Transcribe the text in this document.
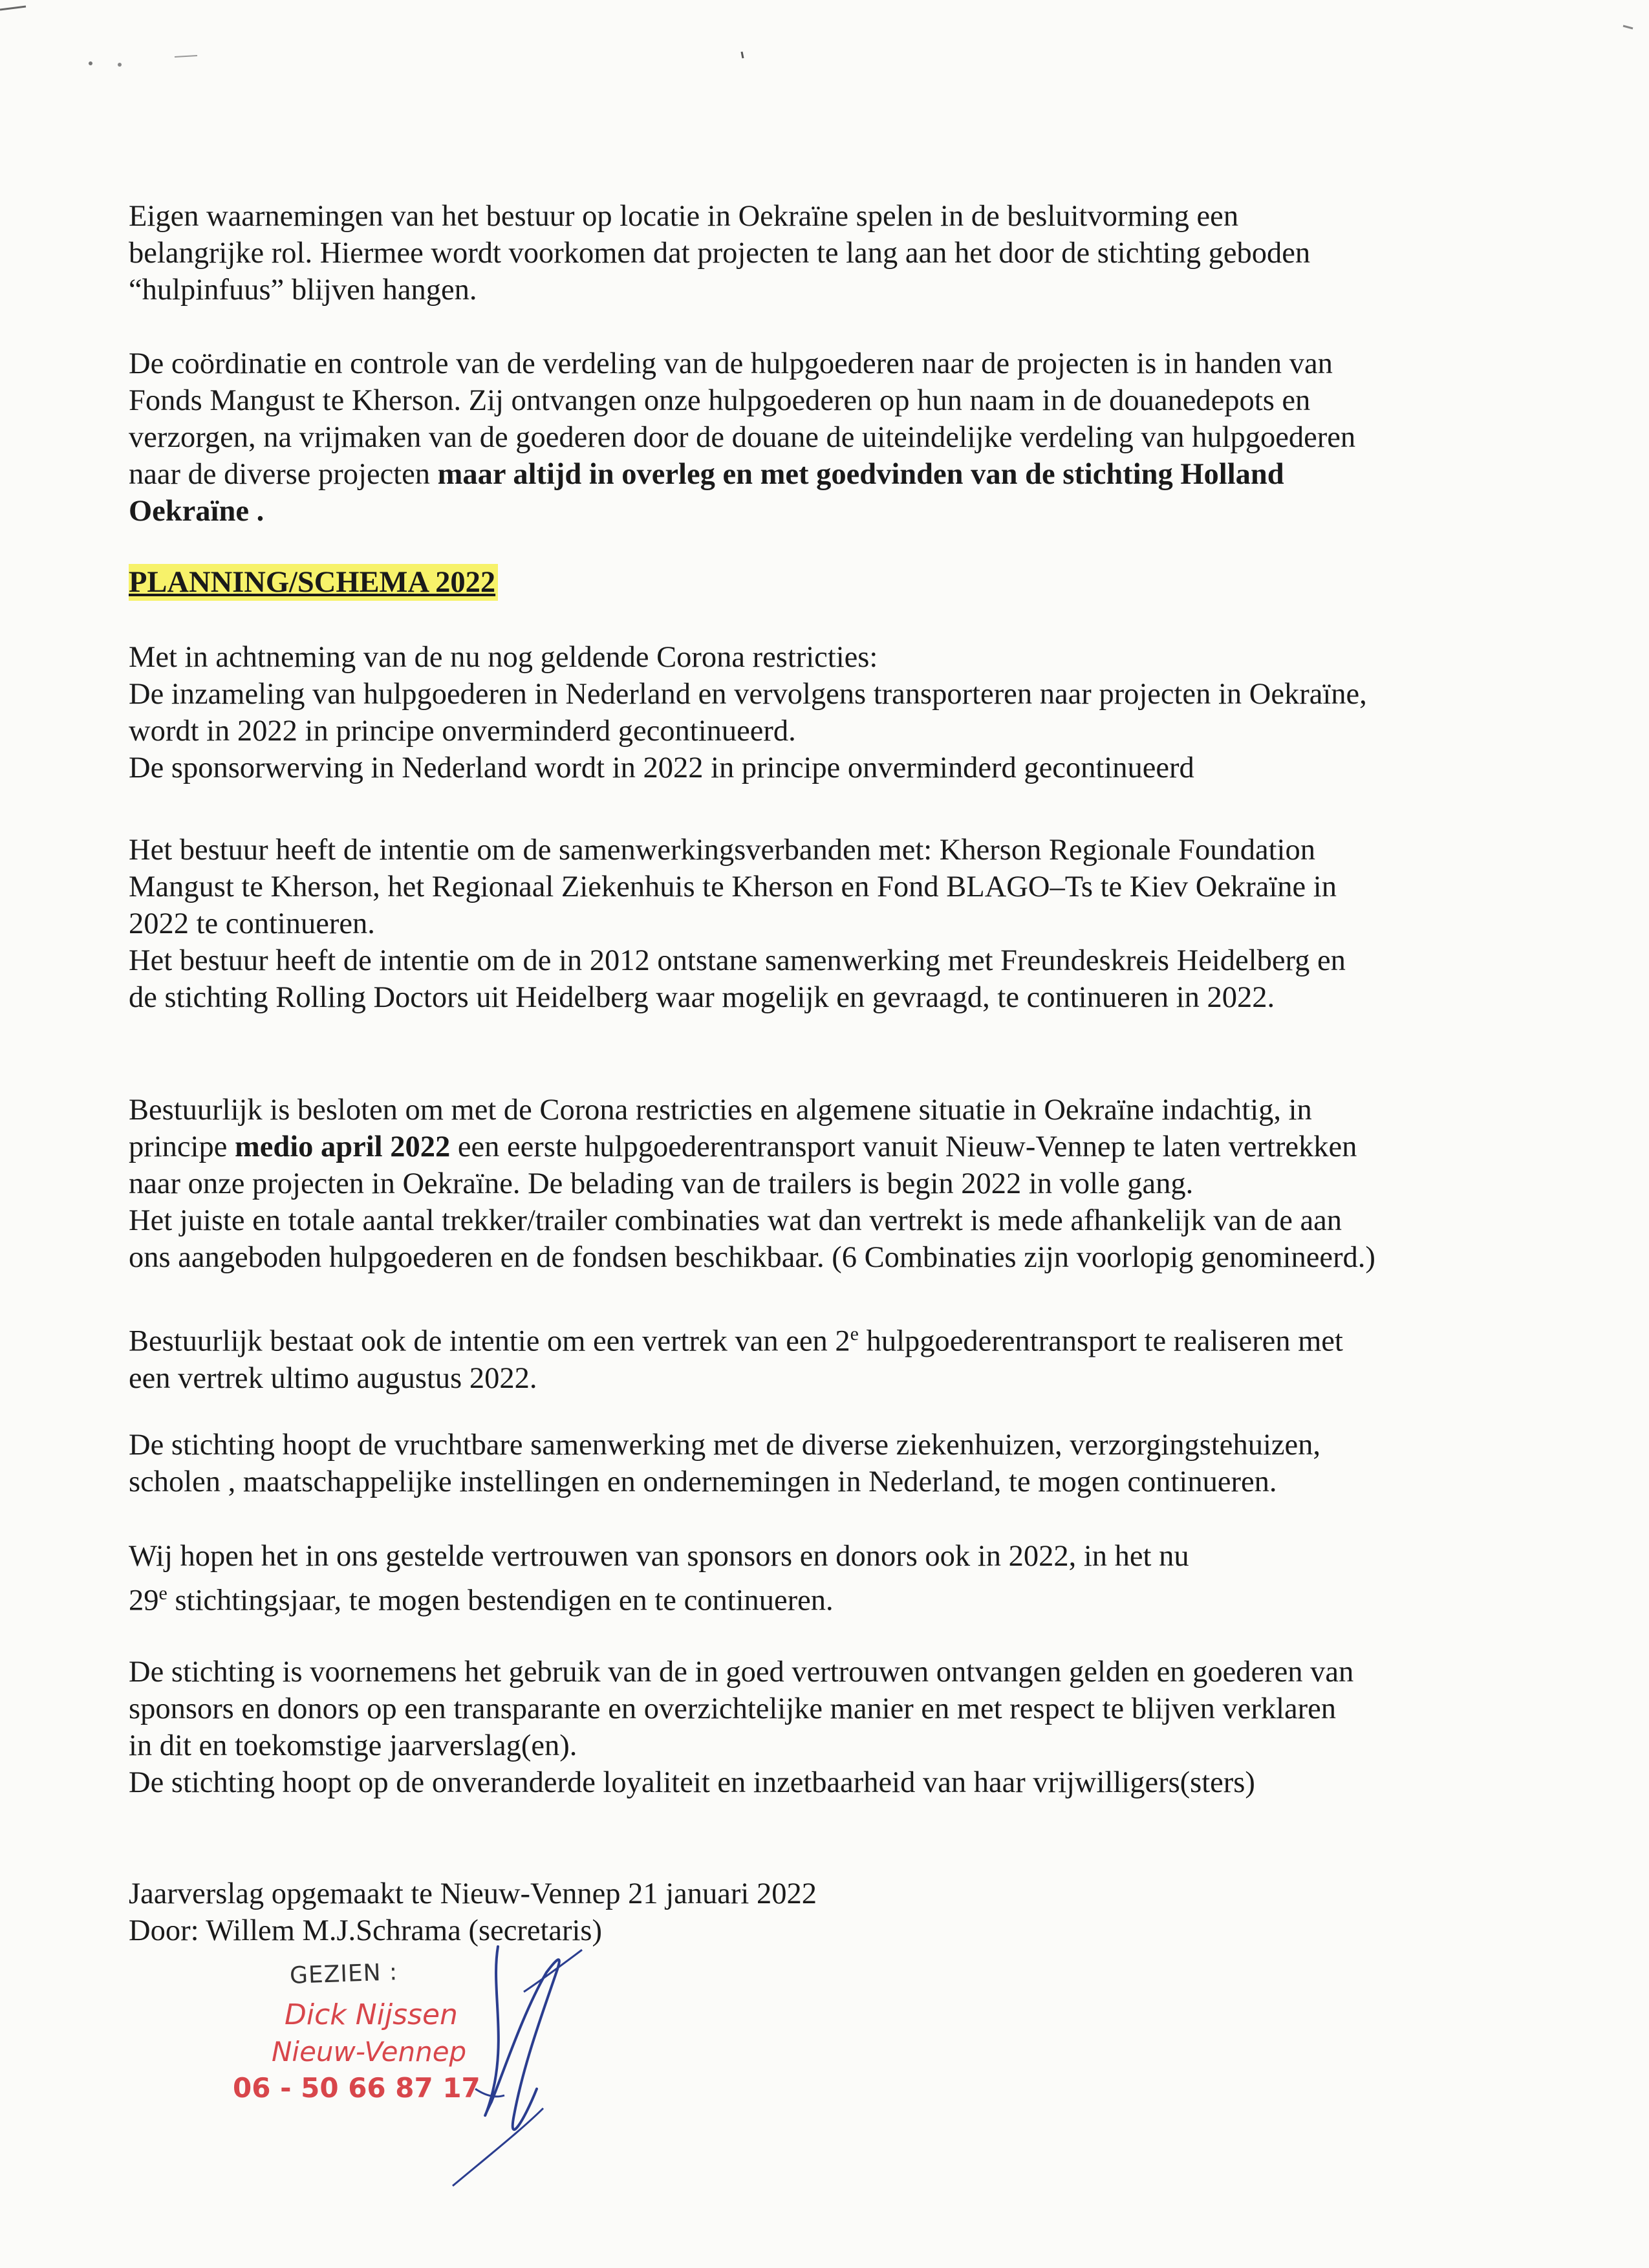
Eigen waarnemingen van het bestuur op locatie in Oekraïne spelen in de besluitvorming een
belangrijke rol. Hiermee wordt voorkomen dat projecten te lang aan het door de stichting geboden
“hulpinfuus” blijven hangen.
De coördinatie en controle van de verdeling van de hulpgoederen naar de projecten is in handen van
Fonds Mangust te Kherson. Zij ontvangen onze hulpgoederen op hun naam in de douanedepots en
verzorgen, na vrijmaken van de goederen door de douane de uiteindelijke verdeling van hulpgoederen
naar de diverse projecten maar altijd in overleg en met goedvinden van de stichting Holland
Oekraïne .
PLANNING/SCHEMA 2022
Met in achtneming van de nu nog geldende Corona restricties:
De inzameling van hulpgoederen in Nederland en vervolgens transporteren naar projecten in Oekraïne,
wordt in 2022 in principe onverminderd gecontinueerd.
De sponsorwerving in Nederland wordt in 2022 in principe onverminderd gecontinueerd
Het bestuur heeft de intentie om de samenwerkingsverbanden met: Kherson Regionale Foundation
Mangust te Kherson, het Regionaal Ziekenhuis te Kherson en Fond BLAGO–Ts te Kiev Oekraïne in
2022 te continueren.
Het bestuur heeft de intentie om de in 2012 ontstane samenwerking met Freundeskreis Heidelberg en
de stichting Rolling Doctors uit Heidelberg waar mogelijk en gevraagd, te continueren in 2022.
Bestuurlijk is besloten om met de Corona restricties en algemene situatie in Oekraïne indachtig, in
principe medio april 2022 een eerste hulpgoederentransport vanuit Nieuw-Vennep te laten vertrekken
naar onze projecten in Oekraïne. De belading van de trailers is begin 2022 in volle gang.
Het juiste en totale aantal trekker/trailer combinaties wat dan vertrekt is mede afhankelijk van de aan
ons aangeboden hulpgoederen en de fondsen beschikbaar. (6 Combinaties zijn voorlopig genomineerd.)
Bestuurlijk bestaat ook de intentie om een vertrek van een 2e hulpgoederentransport te realiseren met
een vertrek ultimo augustus 2022.
De stichting hoopt de vruchtbare samenwerking met de diverse ziekenhuizen, verzorgingstehuizen,
scholen , maatschappelijke instellingen en ondernemingen in Nederland, te mogen continueren.
Wij hopen het in ons gestelde vertrouwen van sponsors en donors ook in 2022, in het nu
29e stichtingsjaar, te mogen bestendigen en te continueren.
De stichting is voornemens het gebruik van de in goed vertrouwen ontvangen gelden en goederen van
sponsors en donors op een transparante en overzichtelijke manier en met respect te blijven verklaren
in dit en toekomstige jaarverslag(en).
De stichting hoopt op de onveranderde loyaliteit en inzetbaarheid van haar vrijwilligers(sters)
Jaarverslag opgemaakt te Nieuw-Vennep 21 januari 2022
Door: Willem M.J.Schrama (secretaris)
GEZIEN :
Dick Nijssen
Nieuw-Vennep
06 - 50 66 87 17
